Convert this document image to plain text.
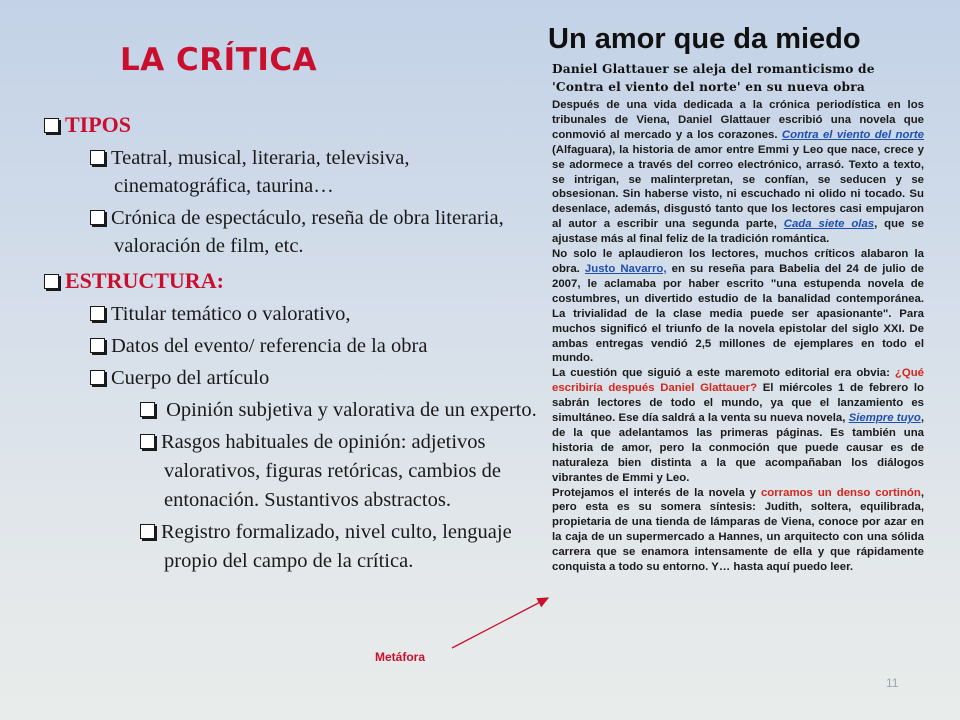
LA CRÍTICA
TIPOS
Teatral, musical, literaria, televisiva, cinematográfica, taurina…
Crónica de espectáculo, reseña de obra literaria, valoración de film, etc.
ESTRUCTURA:
Titular temático o valorativo,
Datos del evento/ referencia de la obra
Cuerpo del artículo
Opinión subjetiva y valorativa de un experto.
Rasgos habituales de opinión: adjetivos valorativos, figuras retóricas, cambios de entonación. Sustantivos abstractos.
Registro formalizado, nivel culto, lenguaje propio del campo de la crítica.
Un amor que da miedo
Daniel Glattauer se aleja del romanticismo de 'Contra el viento del norte' en su nueva obra

Después de una vida dedicada a la crónica periodística en los tribunales de Viena, Daniel Glattauer escribió una novela que conmovió al mercado y a los corazones. Contra el viento del norte (Alfaguara), la historia de amor entre Emmi y Leo que nace, crece y se adormece a través del correo electrónico, arrasó. Texto a texto, se intrigan, se malinterpretan, se confían, se seducen y se obsesionan. Sin haberse visto, ni escuchado ni olido ni tocado. Su desenlace, además, disgustó tanto que los lectores casi empujaron al autor a escribir una segunda parte, Cada siete olas, que se ajustase más al final feliz de la tradición romántica.

No solo le aplaudieron los lectores, muchos críticos alabaron la obra. Justo Navarro, en su reseña para Babelia del 24 de julio de 2007, le aclamaba por haber escrito "una estupenda novela de costumbres, un divertido estudio de la banalidad contemporánea. La trivialidad de la clase media puede ser apasionante". Para muchos significó el triunfo de la novela epistolar del siglo XXI. De ambas entregas vendió 2,5 millones de ejemplares en todo el mundo.

La cuestión que siguió a este maremoto editorial era obvia: ¿Qué escribiría después Daniel Glattauer? El miércoles 1 de febrero lo sabrán lectores de todo el mundo, ya que el lanzamiento es simultáneo. Ese día saldrá a la venta su nueva novela, Siempre tuyo, de la que adelantamos las primeras páginas. Es también una historia de amor, pero la conmoción que puede causar es de naturaleza bien distinta a la que acompañaban los diálogos vibrantes de Emmi y Leo.

Protejamos el interés de la novela y corramos un denso cortinón, pero esta es su somera síntesis: Judith, soltera, equilibrada, propietaria de una tienda de lámparas de Viena, conoce por azar en la caja de un supermercado a Hannes, un arquitecto con una sólida carrera que se enamora intensamente de ella y que rápidamente conquista a todo su entorno. Y… hasta aquí puedo leer.

Metáfora
11
